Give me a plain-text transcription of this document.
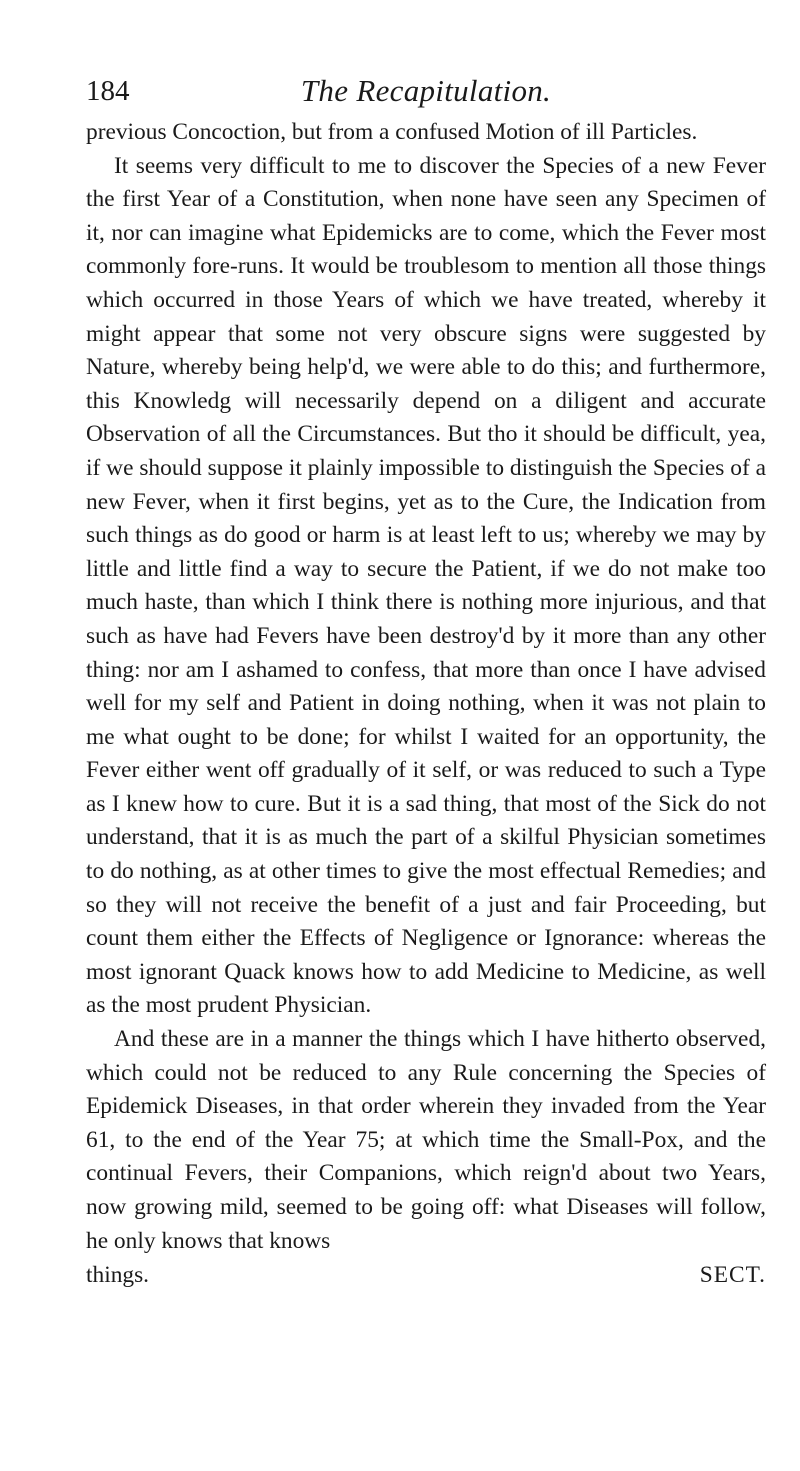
184	The Recapitulation.

previous Concoction, but from a confused Motion of ill Particles.

It seems very difficult to me to discover the Species of a new Fever the first Year of a Constitution, when none have seen any Specimen of it, nor can imagine what Epidemicks are to come, which the Fever most commonly fore-runs. It would be troublesom to mention all those things which occurred in those Years of which we have treated, whereby it might appear that some not very obscure signs were suggested by Nature, whereby being help'd, we were able to do this; and furthermore, this Knowledg will necessarily depend on a diligent and accurate Observation of all the Circumstances. But tho it should be difficult, yea, if we should suppose it plainly impossible to distinguish the Species of a new Fever, when it first begins, yet as to the Cure, the Indication from such things as do good or harm is at least left to us; whereby we may by little and little find a way to secure the Patient, if we do not make too much haste, than which I think there is nothing more injurious, and that such as have had Fevers have been destroy'd by it more than any other thing: nor am I ashamed to confess, that more than once I have advised well for my self and Patient in doing nothing, when it was not plain to me what ought to be done; for whilst I waited for an opportunity, the Fever either went off gradually of it self, or was reduced to such a Type as I knew how to cure. But it is a sad thing, that most of the Sick do not understand, that it is as much the part of a skilful Physician sometimes to do nothing, as at other times to give the most effectual Remedies; and so they will not receive the benefit of a just and fair Proceeding, but count them either the Effects of Negligence or Ignorance: whereas the most ignorant Quack knows how to add Medicine to Medicine, as well as the most prudent Physician.

And these are in a manner the things which I have hitherto observed, which could not be reduced to any Rule concerning the Species of Epidemick Diseases, in that order wherein they invaded from the Year 61, to the end of the Year 75; at which time the Small-Pox, and the continual Fevers, their Companions, which reign'd about two Years, now growing mild, seemed to be going off: what Diseases will follow, he only knows that knows

things.	SECT.
